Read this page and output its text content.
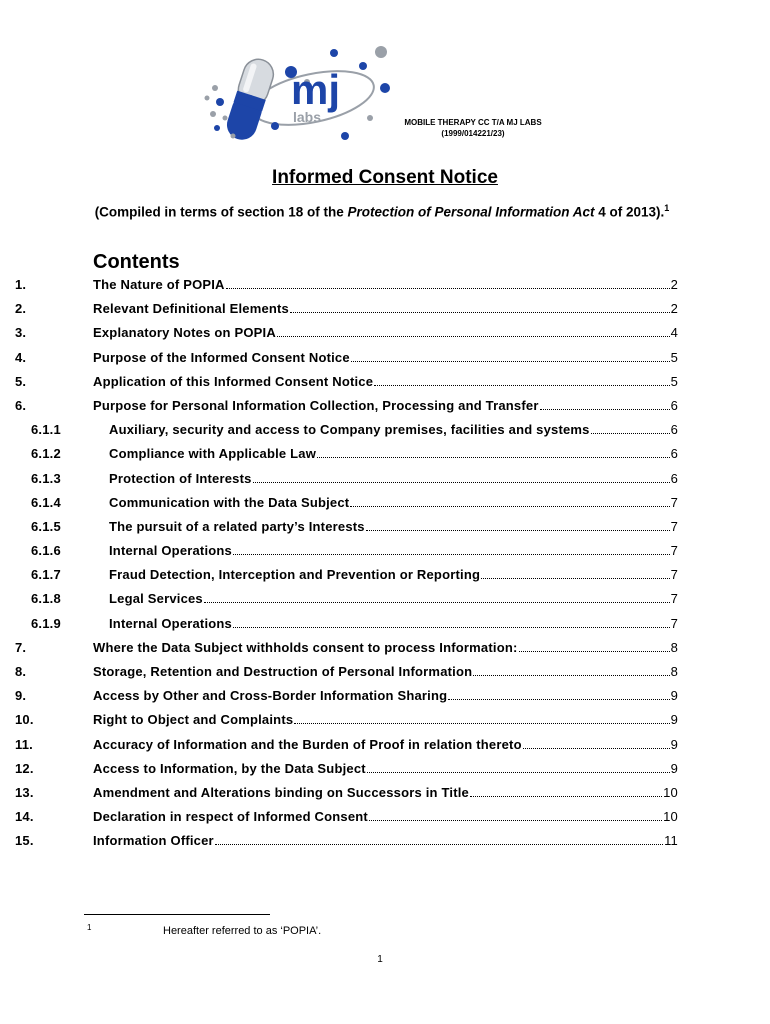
mj
labs	MOBILE THERAPY CC T/A MJ LABS
(1999/014221/23)
Informed Consent Notice
(Compiled in terms of section 18 of the Protection of Personal Information Act 4 of 2013).$^1$
Contents
1.	The Nature of POPIA	2
2.	Relevant Definitional Elements	2
3.	Explanatory Notes on POPIA	4
4.	Purpose of the Informed Consent Notice	5
5.	Application of this Informed Consent Notice	5
6.	Purpose for Personal Information Collection, Processing and Transfer	6
6.1.1	Auxiliary, security and access to Company premises, facilities and systems	6
6.1.2	Compliance with Applicable Law	6
6.1.3	Protection of Interests	6
6.1.4	Communication with the Data Subject	7
6.1.5	The pursuit of a related party’s Interests	7
6.1.6	Internal Operations	7
6.1.7	Fraud Detection, Interception and Prevention or Reporting	7
6.1.8	Legal Services	7
6.1.9	Internal Operations	7
7.	Where the Data Subject withholds consent to process Information:	8
8.	Storage, Retention and Destruction of Personal Information	8
9.	Access by Other and Cross-Border Information Sharing	9
10.	Right to Object and Complaints	9
11.	Accuracy of Information and the Burden of Proof in relation thereto	9
12.	Access to Information, by the Data Subject	9
13.	Amendment and Alterations binding on Successors in Title	10
14.	Declaration in respect of Informed Consent	10
15.	Information Officer	11
1	Hereafter referred to as ‘POPIA’.
1
